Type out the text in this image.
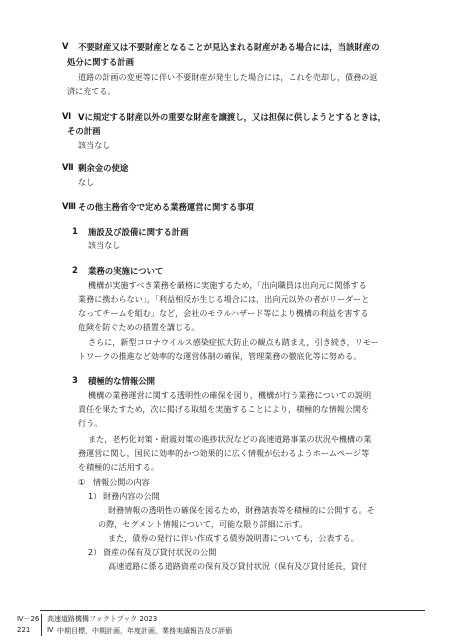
Ⅴ 不要財産又は不要財産となることが見込まれる財産がある場合には，当該財産の
処分に関する計画
道路の計画の変更等に伴い不要財産が発生した場合には，これを売却し，債務の返
済に充てる。
Ⅵ Ⅴに規定する財産以外の重要な財産を譲渡し，又は担保に供しようとするときは，
その計画
該当なし
Ⅶ 剰余金の使途
なし
Ⅷ その他主務省令で定める業務運営に関する事項
1 施設及び設備に関する計画
該当なし
2 業務の実施について
機構が実施すべき業務を厳格に実施するため，「出向職員は出向元に関係する
業務に携わらない」，「利益相反が生じる場合には，出向元以外の者がリーダーと
なってチームを組む」など，会社のモラルハザード等により機構の利益を害する
危険を防ぐための措置を講じる。
さらに，新型コロナウイルス感染症拡大防止の観点も踏まえ，引き続き，リモー
トワークの推進など効率的な運営体制の確保，管理業務の徹底化等に努める。
3 積極的な情報公開
機構の業務運営に関する透明性の確保を図り，機構が行う業務についての説明
責任を果たすため，次に掲げる取組を実施することにより，積極的な情報公開を
行う。
また，老朽化対策・耐震対策の進捗状況などの高速道路事業の状況や機構の業
務運営に関し，国民に効率的かつ効果的に広く情報が伝わるようホームページ等
を積極的に活用する。
① 情報公開の内容
1） 財務内容の公開
財務情報の透明性の確保を図るため，財務諸表等を積極的に公開する。そ
の際，セグメント情報について，可能な限り詳細に示す。
また，債券の発行に伴い作成する債券説明書についても，公表する。
2） 資産の保有及び貸付状況の公開
高速道路に係る道路資産の保有及び貸付状況（保有及び貸付延長，貸付
Ⅳ－26
221
高速道路機構ファクトブック 2023
Ⅳ 中期目標，中期計画，年度計画，業務実績報告及び評価
